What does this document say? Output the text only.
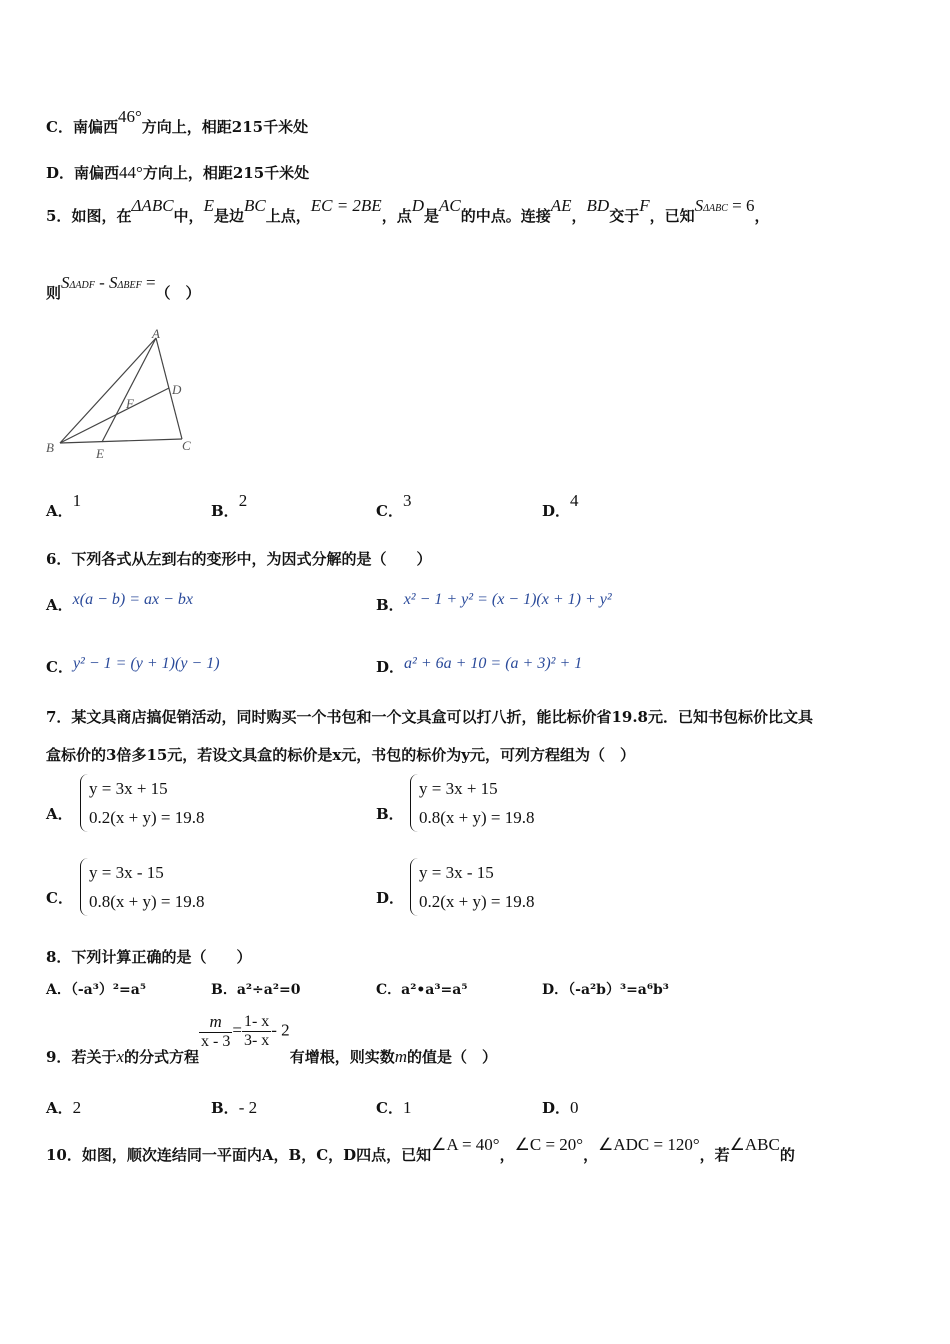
C．南偏西46°方向上，相距215千米处
D．南偏西44°方向上，相距215千米处
5．如图，在ΔABC中，E是边BC上点，EC = 2BE，点D是AC的中点。连接AE，BD交于F，已知SΔABC = 6，
则SΔADF - SΔBEF =（　）
A
B	C
D
E
F
A．1
B．2
C．3
D．4
6．下列各式从左到右的变形中，为因式分解的是（　　）
A．x(a − b) = ax − bx	B．x² − 1 + y² = (x − 1)(x + 1) + y²
C．y² − 1 = (y + 1)(y − 1)	D．a² + 6a + 10 = (a + 3)² + 1
7．某文具商店搞促销活动，同时购买一个书包和一个文具盒可以打八折，能比标价省19.8元．已知书包标价比文具
盒标价的3倍多15元，若设文具盒的标价是x元，书包的标价为y元，可列方程组为（　）
A．
y = 3x + 15
0.2(x + y) = 19.8	B．
y = 3x + 15
0.8(x + y) = 19.8
C．
y = 3x - 15
0.8(x + y) = 19.8	D．
y = 3x - 15
0.2(x + y) = 19.8
8．下列计算正确的是（　　）
A．（-a³）²=a⁵	B．a²÷a²=0	C．a²•a³=a⁵	D．（-a²b）³=a⁶b³
9．若关于x的分式方程
$\frac{m}{x - 3} = \frac{1- x}{3- x} - 2$有增根，则实数m的值是（　）
A．2	B．- 2	C．1	D．0
10．如图，顺次连结同一平面内A，B，C，D四点，已知∠A = 40°，∠C = 20°，∠ADC = 120°，若∠ABC的
